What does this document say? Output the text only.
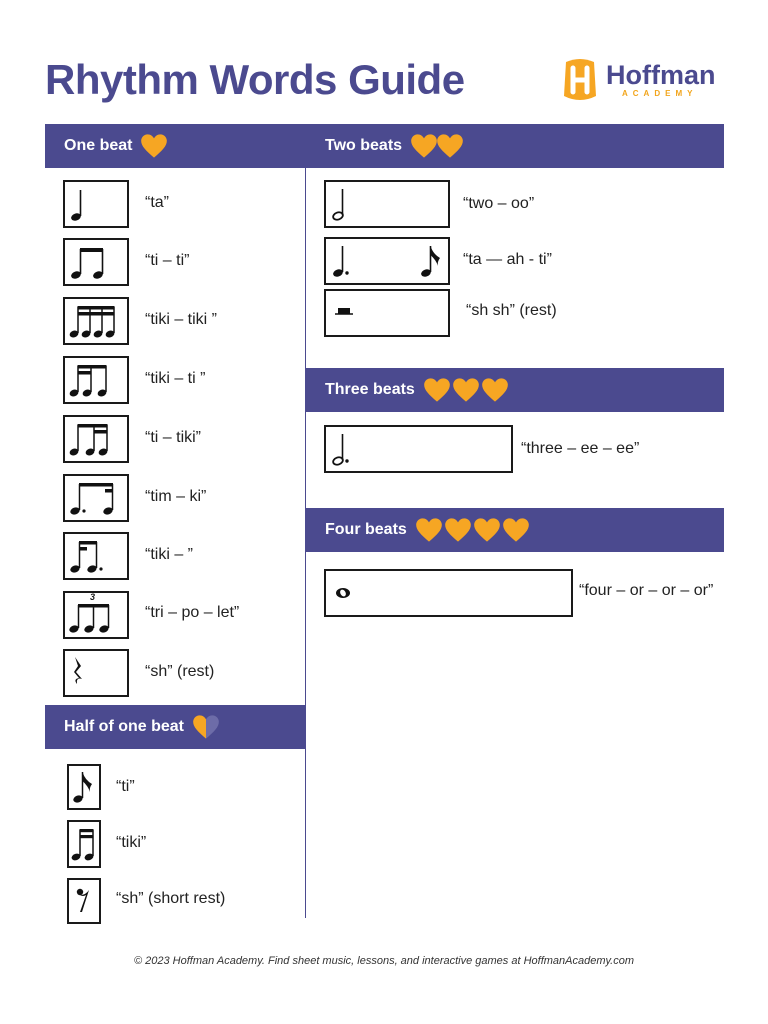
Rhythm Words Guide	Hoffman
ACADEMY
One beat
“ta”
“ti – ti”
“tiki – tiki ”
“tiki – ti ”
“ti – tiki”
“tim – ki”
“tiki – ”
3
“tri – po – let”
“sh” (rest)
Half of one beat
“ti”
“tiki”
“sh” (short rest)
Two beats
“two – oo”
“ta — ah - ti”
“sh sh” (rest)
Three beats
“three – ee – ee”
Four beats
“four – or – or – or”
© 2023 Hoffman Academy. Find sheet music, lessons, and interactive games at HoffmanAcademy.com
